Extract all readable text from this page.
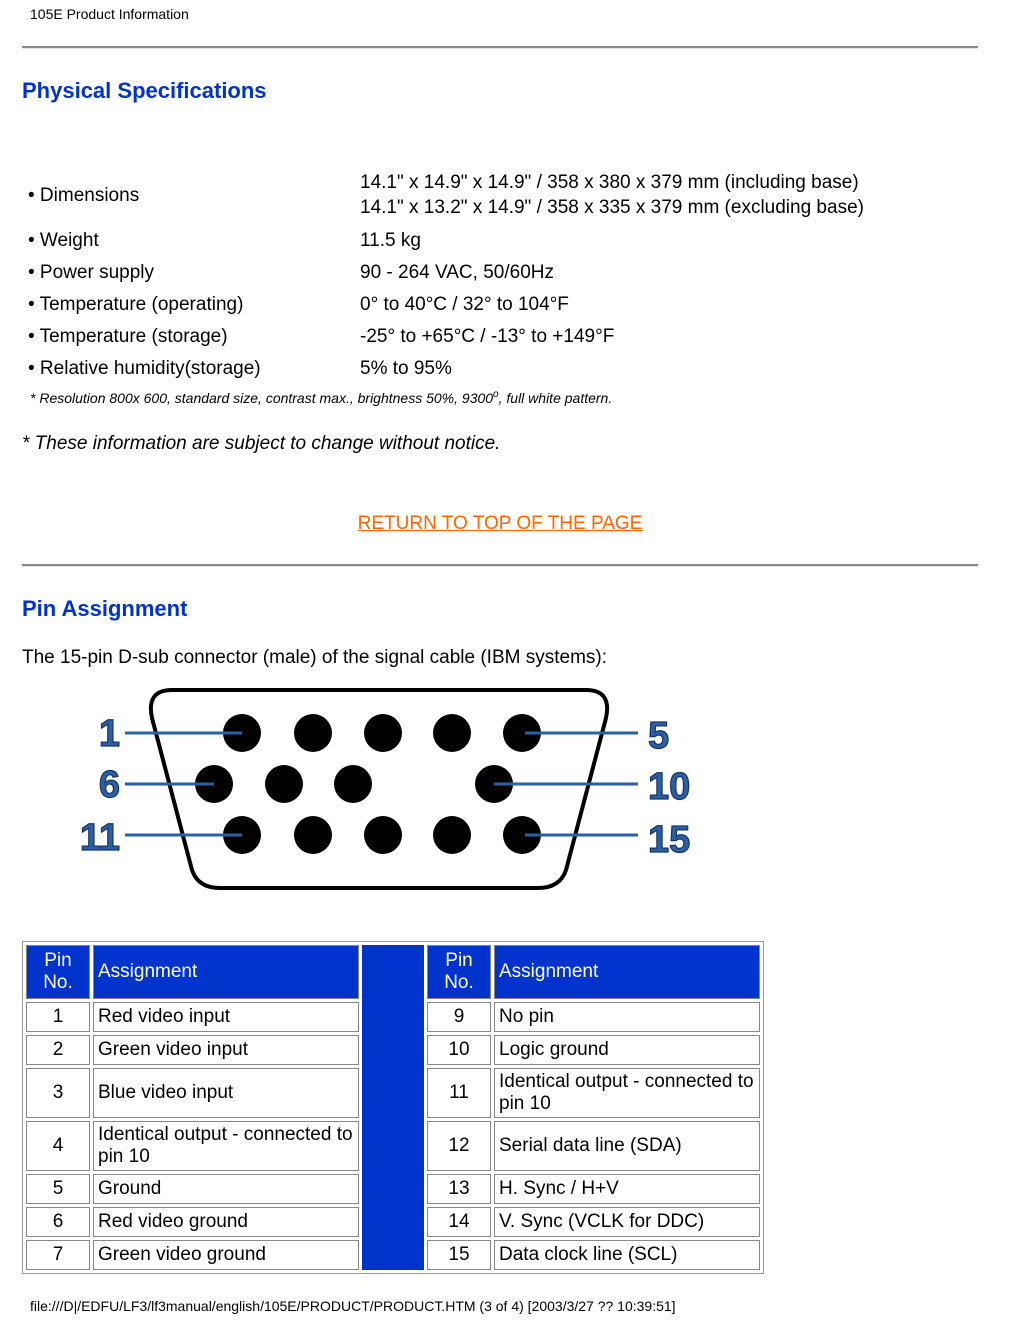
105E Product Information
Physical Specifications
• Dimensions	14.1" x 14.9" x 14.9" / 358 x 380 x 379 mm (including base)
14.1" x 13.2" x 14.9" / 358 x 335 x 379 mm (excluding base)

• Weight	11.5 kg
• Power supply	90 - 264 VAC, 50/60Hz
• Temperature (operating)	0° to 40°C / 32° to 104°F
• Temperature (storage)	-25° to +65°C / -13° to +149°F
• Relative humidity(storage)	5% to 95%
* Resolution 800x 600, standard size, contrast max., brightness 50%, 9300$^o$, full white pattern.
* These information are subject to change without notice.
RETURN TO TOP OF THE PAGE
Pin Assignment
The 15-pin D-sub connector (male) of the signal cable (IBM systems):
1	5
6	10
11	15
Pin No.	Assignment		Pin No.	Assignment
1	Red video input		9	No pin
2	Green video input		10	Logic ground
3	Blue video input		11	Identical output - connected to pin 10
4	Identical output - connected to pin 10		12	Serial data line (SDA)
5	Ground		13	H. Sync / H+V
6	Red video ground		14	V. Sync (VCLK for DDC)
7	Green video ground		15	Data clock line (SCL)
file:///D|/EDFU/LF3/lf3manual/english/105E/PRODUCT/PRODUCT.HTM (3 of 4) [2003/3/27 ?? 10:39:51]
